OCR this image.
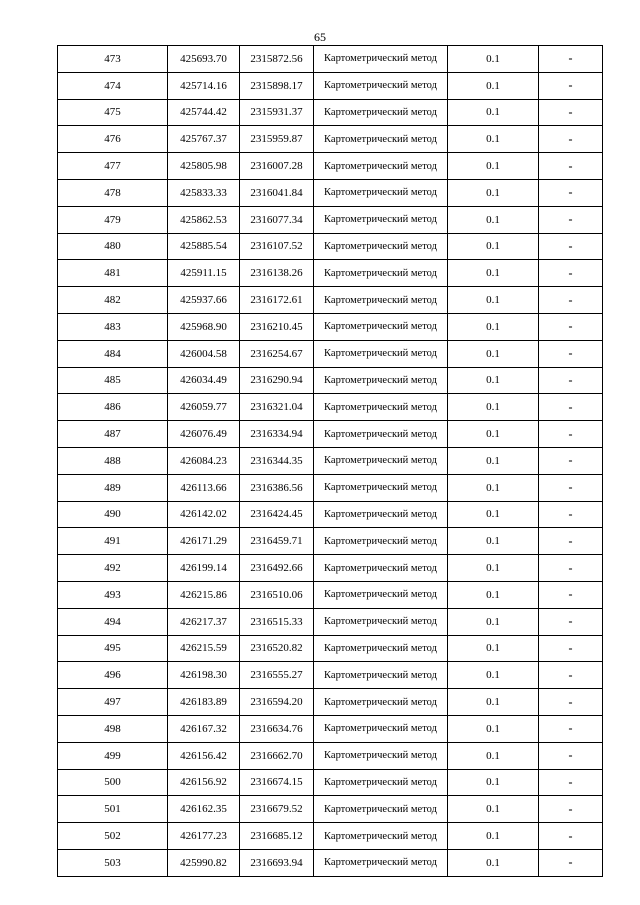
65
473	425693.70	2315872.56	Картометрический метод	0.1	-
474	425714.16	2315898.17	Картометрический метод	0.1	-
475	425744.42	2315931.37	Картометрический метод	0.1	-
476	425767.37	2315959.87	Картометрический метод	0.1	-
477	425805.98	2316007.28	Картометрический метод	0.1	-
478	425833.33	2316041.84	Картометрический метод	0.1	-
479	425862.53	2316077.34	Картометрический метод	0.1	-
480	425885.54	2316107.52	Картометрический метод	0.1	-
481	425911.15	2316138.26	Картометрический метод	0.1	-
482	425937.66	2316172.61	Картометрический метод	0.1	-
483	425968.90	2316210.45	Картометрический метод	0.1	-
484	426004.58	2316254.67	Картометрический метод	0.1	-
485	426034.49	2316290.94	Картометрический метод	0.1	-
486	426059.77	2316321.04	Картометрический метод	0.1	-
487	426076.49	2316334.94	Картометрический метод	0.1	-
488	426084.23	2316344.35	Картометрический метод	0.1	-
489	426113.66	2316386.56	Картометрический метод	0.1	-
490	426142.02	2316424.45	Картометрический метод	0.1	-
491	426171.29	2316459.71	Картометрический метод	0.1	-
492	426199.14	2316492.66	Картометрический метод	0.1	-
493	426215.86	2316510.06	Картометрический метод	0.1	-
494	426217.37	2316515.33	Картометрический метод	0.1	-
495	426215.59	2316520.82	Картометрический метод	0.1	-
496	426198.30	2316555.27	Картометрический метод	0.1	-
497	426183.89	2316594.20	Картометрический метод	0.1	-
498	426167.32	2316634.76	Картометрический метод	0.1	-
499	426156.42	2316662.70	Картометрический метод	0.1	-
500	426156.92	2316674.15	Картометрический метод	0.1	-
501	426162.35	2316679.52	Картометрический метод	0.1	-
502	426177.23	2316685.12	Картометрический метод	0.1	-
503	425990.82	2316693.94	Картометрический метод	0.1	-
